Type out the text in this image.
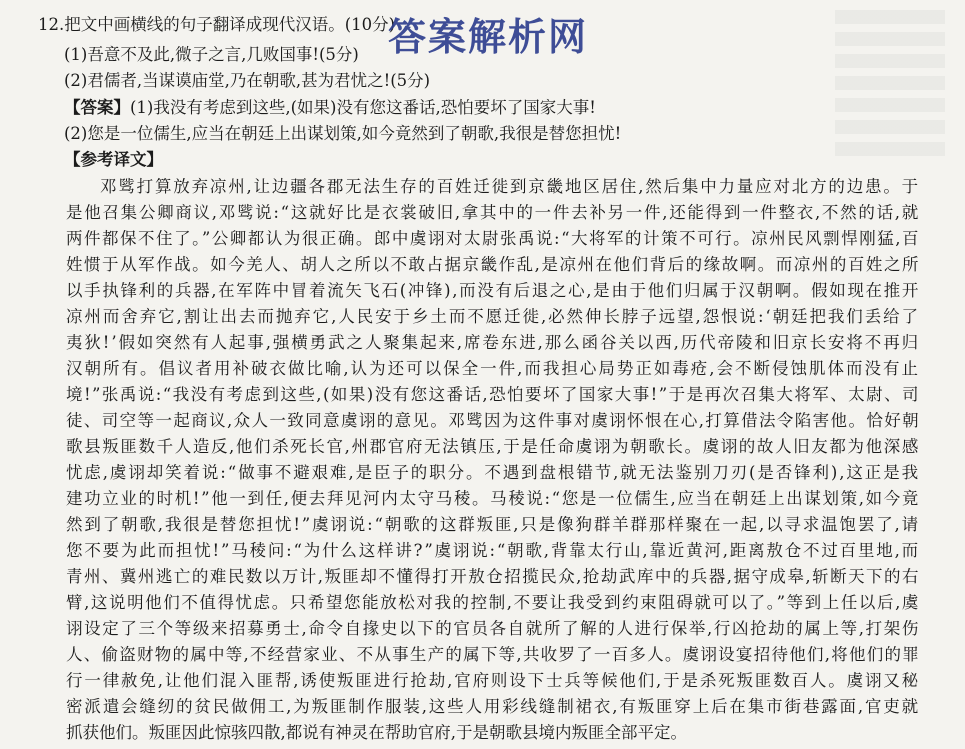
12.把文中画横线的句子翻译成现代汉语。(10分)
答案解析网
(1)吾意不及此,微子之言,几败国事!(5分)
(2)君儒者,当谋谟庙堂,乃在朝歌,甚为君忧之!(5分)
【答案】(1)我没有考虑到这些,(如果)没有您这番话,恐怕要坏了国家大事!
(2)您是一位儒生,应当在朝廷上出谋划策,如今竟然到了朝歌,我很是替您担忧!
【参考译文】
邓骘打算放弃凉州,让边疆各郡无法生存的百姓迁徙到京畿地区居住,然后集中力量应对北方的边患。于
是他召集公卿商议,邓骘说:“这就好比是衣裳破旧,拿其中的一件去补另一件,还能得到一件整衣,不然的话,就
两件都保不住了。”公卿都认为很正确。郎中虞诩对太尉张禹说:“大将军的计策不可行。凉州民风剽悍刚猛,百
姓惯于从军作战。如今羌人、胡人之所以不敢占据京畿作乱,是凉州在他们背后的缘故啊。而凉州的百姓之所
以手执锋利的兵器,在军阵中冒着流矢飞石(冲锋),而没有后退之心,是由于他们归属于汉朝啊。假如现在推开
凉州而舍弃它,割让出去而抛弃它,人民安于乡土而不愿迁徙,必然伸长脖子远望,怨恨说:‘朝廷把我们丢给了
夷狄!’假如突然有人起事,强横勇武之人聚集起来,席卷东进,那么函谷关以西,历代帝陵和旧京长安将不再归
汉朝所有。倡议者用补破衣做比喻,认为还可以保全一件,而我担心局势正如毒疮,会不断侵蚀肌体而没有止
境!”张禹说:“我没有考虑到这些,(如果)没有您这番话,恐怕要坏了国家大事!”于是再次召集大将军、太尉、司
徒、司空等一起商议,众人一致同意虞诩的意见。邓骘因为这件事对虞诩怀恨在心,打算借法令陷害他。恰好朝
歌县叛匪数千人造反,他们杀死长官,州郡官府无法镇压,于是任命虞诩为朝歌长。虞诩的故人旧友都为他深感
忧虑,虞诩却笑着说:“做事不避艰难,是臣子的职分。不遇到盘根错节,就无法鉴别刀刃(是否锋利),这正是我
建功立业的时机!”他一到任,便去拜见河内太守马稜。马稜说:“您是一位儒生,应当在朝廷上出谋划策,如今竟
然到了朝歌,我很是替您担忧!”虞诩说:“朝歌的这群叛匪,只是像狗群羊群那样聚在一起,以寻求温饱罢了,请
您不要为此而担忧!”马稜问:“为什么这样讲?”虞诩说:“朝歌,背靠太行山,靠近黄河,距离敖仓不过百里地,而
青州、冀州逃亡的难民数以万计,叛匪却不懂得打开敖仓招揽民众,抢劫武库中的兵器,据守成皋,斩断天下的右
臂,这说明他们不值得忧虑。只希望您能放松对我的控制,不要让我受到约束阻碍就可以了。”等到上任以后,虞
诩设定了三个等级来招募勇士,命令自掾史以下的官员各自就所了解的人进行保举,行凶抢劫的属上等,打架伤
人、偷盗财物的属中等,不经营家业、不从事生产的属下等,共收罗了一百多人。虞诩设宴招待他们,将他们的罪
行一律赦免,让他们混入匪帮,诱使叛匪进行抢劫,官府则设下士兵等候他们,于是杀死叛匪数百人。虞诩又秘
密派遣会缝纫的贫民做佣工,为叛匪制作服装,这些人用彩线缝制裙衣,有叛匪穿上后在集市街巷露面,官吏就
抓获他们。叛匪因此惊骇四散,都说有神灵在帮助官府,于是朝歌县境内叛匪全部平定。
